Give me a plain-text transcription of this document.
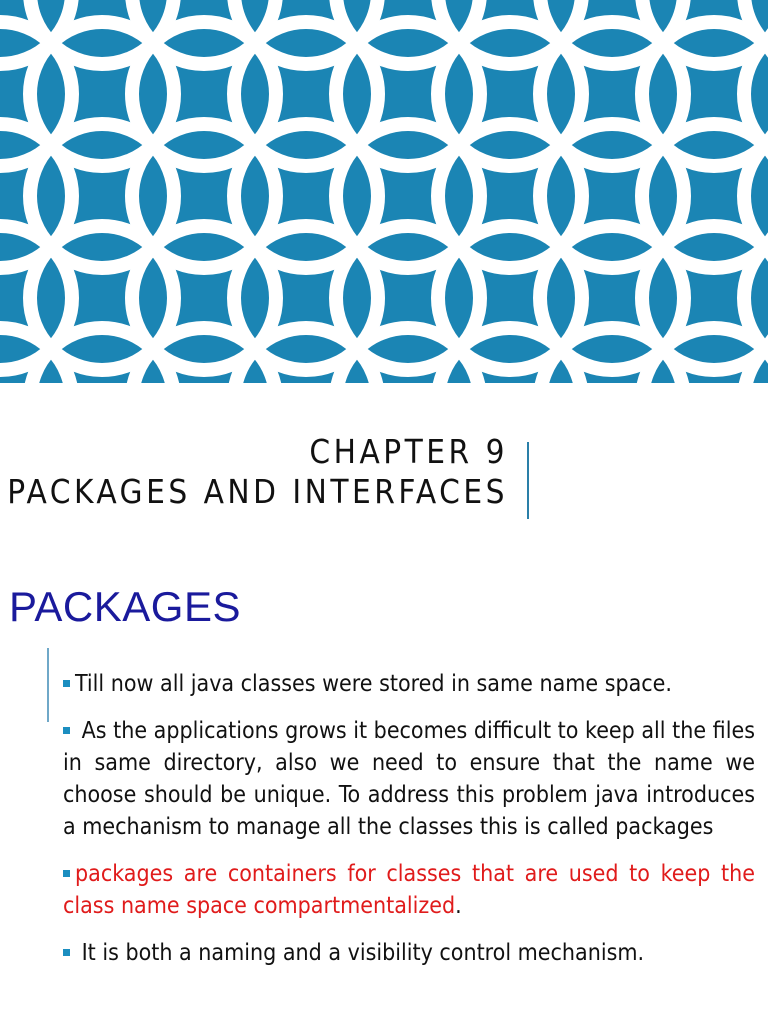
CHAPTER 9
PACKAGES AND INTERFACES
PACKAGES
Till now all java classes were stored in same name space.
As the applications grows it becomes difficult to keep all the files in same directory, also we need to ensure that the name we choose should be unique. To address this problem java introduces a mechanism to manage all the classes this is called packages
packages are containers for classes that are used to keep the class name space compartmentalized.
It is both a naming and a visibility control mechanism.
